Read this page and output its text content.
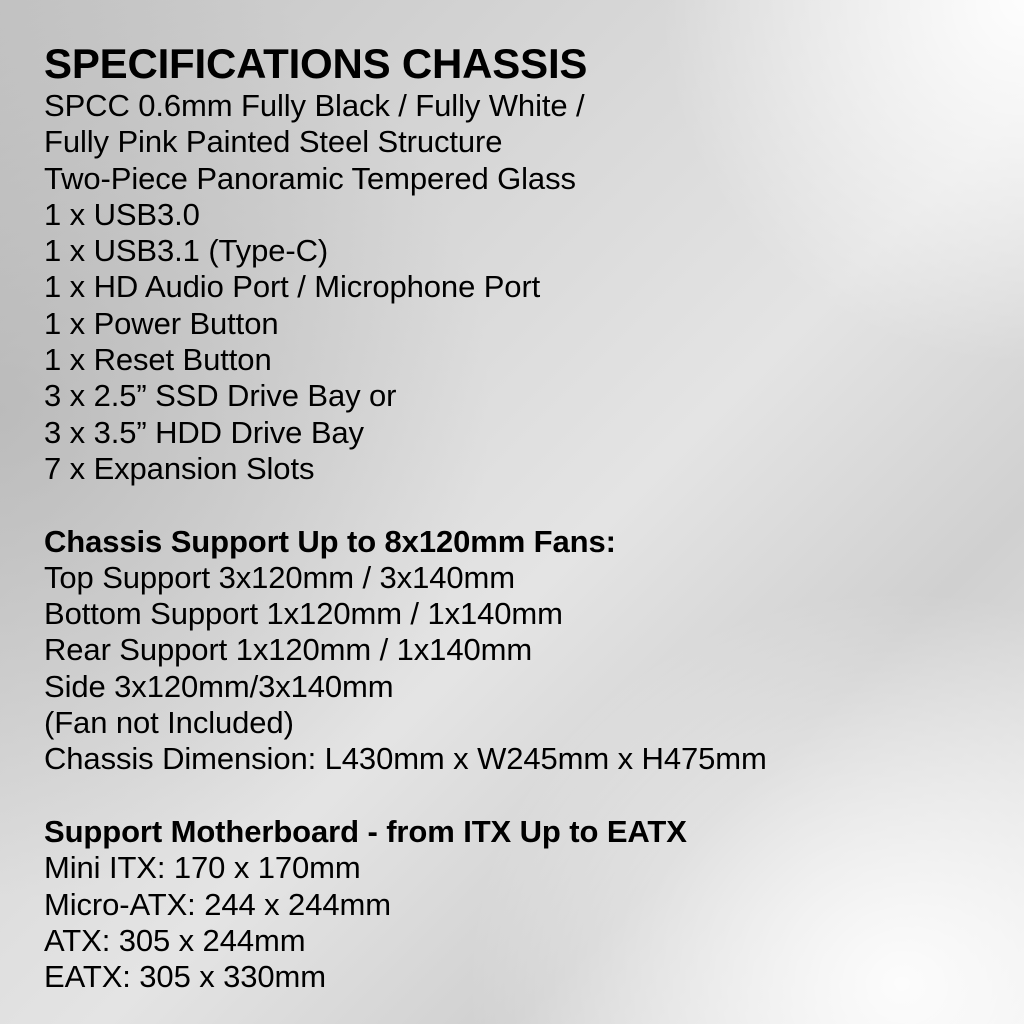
SPECIFICATIONS CHASSIS
SPCC 0.6mm Fully Black / Fully White /
Fully Pink Painted Steel Structure
Two-Piece Panoramic Tempered Glass
1 x USB3.0
1 x USB3.1 (Type-C)
1 x HD Audio Port / Microphone Port
1 x Power Button
1 x Reset Button
3 x 2.5” SSD Drive Bay or
3 x 3.5” HDD Drive Bay
7 x Expansion Slots
Chassis Support Up to 8x120mm Fans:
Top Support 3x120mm / 3x140mm
Bottom Support 1x120mm / 1x140mm
Rear Support 1x120mm / 1x140mm
Side 3x120mm/3x140mm
(Fan not Included)
Chassis Dimension: L430mm x W245mm x H475mm
Support Motherboard - from ITX Up to EATX
Mini ITX: 170 x 170mm
Micro-ATX: 244 x 244mm
ATX: 305 x 244mm
EATX: 305 x 330mm
